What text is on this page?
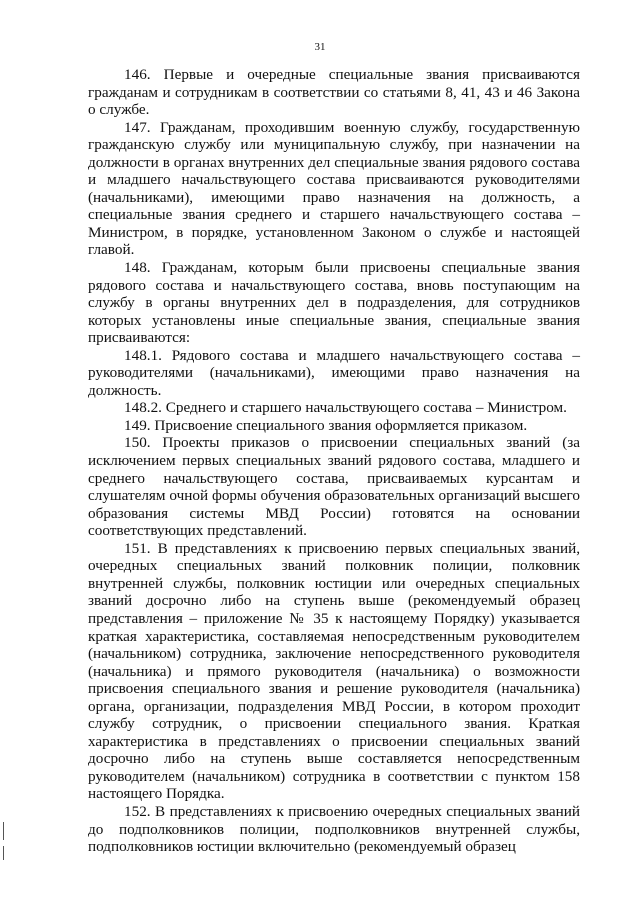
31

146. Первые и очередные специальные звания присваиваются гражданам и сотрудникам в соответствии со статьями 8, 41, 43 и 46 Закона о службе.

147. Гражданам, проходившим военную службу, государственную гражданскую службу или муниципальную службу, при назначении на должности в органах внутренних дел специальные звания рядового состава и младшего начальствующего состава присваиваются руководителями (начальниками), имеющими право назначения на должность, а специальные звания среднего и старшего начальствующего состава – Министром, в порядке, установленном Законом о службе и настоящей главой.

148. Гражданам, которым были присвоены специальные звания рядового состава и начальствующего состава, вновь поступающим на службу в органы внутренних дел в подразделения, для сотрудников которых установлены иные специальные звания, специальные звания присваиваются:

148.1. Рядового состава и младшего начальствующего состава – руководителями (начальниками), имеющими право назначения на должность.

148.2. Среднего и старшего начальствующего состава – Министром.

149. Присвоение специального звания оформляется приказом.

150. Проекты приказов о присвоении специальных званий (за исключением первых специальных званий рядового состава, младшего и среднего начальствующего состава, присваиваемых курсантам и слушателям очной формы обучения образовательных организаций высшего образования системы МВД России) готовятся на основании соответствующих представлений.

151. В представлениях к присвоению первых специальных званий, очередных специальных званий полковник полиции, полковник внутренней службы, полковник юстиции или очередных специальных званий досрочно либо на ступень выше (рекомендуемый образец представления – приложение № 35 к настоящему Порядку) указывается краткая характеристика, составляемая непосредственным руководителем (начальником) сотрудника, заключение непосредственного руководителя (начальника) и прямого руководителя (начальника) о возможности присвоения специального звания и решение руководителя (начальника) органа, организации, подразделения МВД России, в котором проходит службу сотрудник, о присвоении специального звания. Краткая характеристика в представлениях о присвоении специальных званий досрочно либо на ступень выше составляется непосредственным руководителем (начальником) сотрудника в соответствии с пунктом 158 настоящего Порядка.

152. В представлениях к присвоению очередных специальных званий до подполковников полиции, подполковников внутренней службы, подполковников юстиции включительно (рекомендуемый образец
